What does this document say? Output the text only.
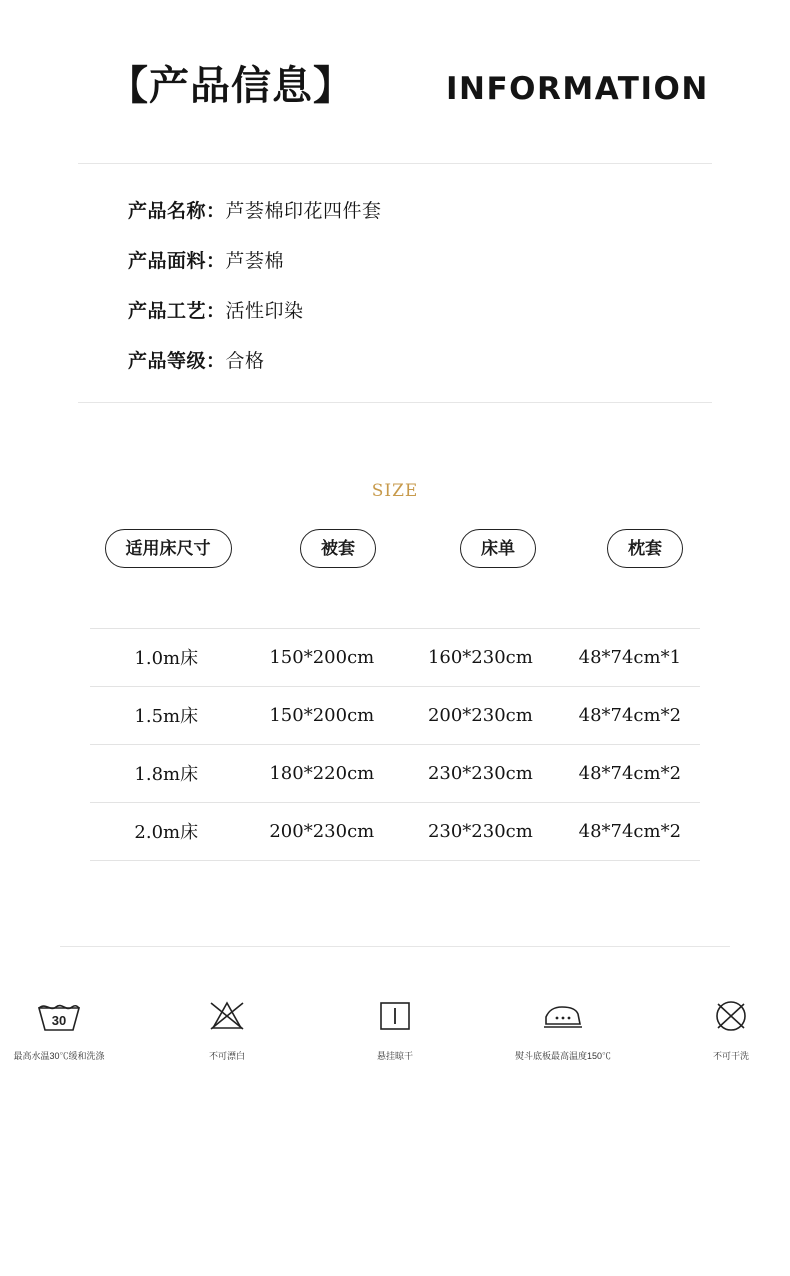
【产品信息】	INFORMATION
产品名称：芦荟棉印花四件套
产品面料：芦荟棉
产品工艺：活性印染
产品等级：合格
SIZE
适用床尺寸	被套	床单	枕套
1.0m床	150*200cm	160*230cm	48*74cm*1
1.5m床	150*200cm	200*230cm	48*74cm*2
1.8m床	180*220cm	230*230cm	48*74cm*2
2.0m床	200*230cm	230*230cm	48*74cm*2
30
最高水温30℃缓和洗涤	不可漂白	悬挂晾干	熨斗底板最高温度150℃	不可干洗
